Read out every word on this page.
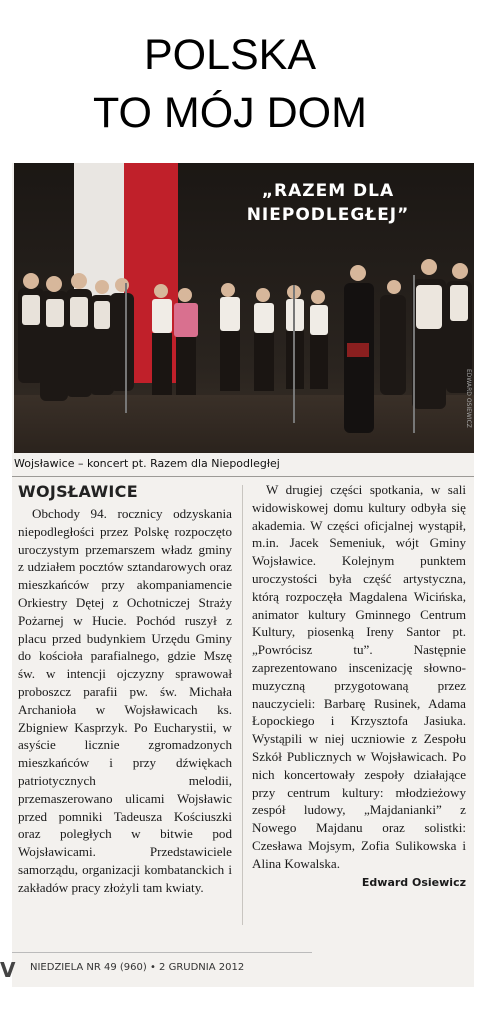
POLSKA
TO MÓJ DOM
„RAZEM DLA
NIEPODLEGŁEJ”
EDWARD OSIEWICZ
Wojsławice – koncert pt. Razem dla Niepodległej
WOJSŁAWICE

Obchody 94. rocznicy odzyskania niepodległości przez Polskę rozpoczęto uroczystym przemarszem władz gminy z udziałem pocztów sztandarowych oraz mieszkańców przy akompaniamencie Orkiestry Dętej z Ochotniczej Straży Pożarnej w Hucie. Pochód ruszył z placu przed budynkiem Urzędu Gminy do kościoła parafialnego, gdzie Mszę św. w intencji ojczyzny sprawował proboszcz parafii pw. św. Michała Archanioła w Wojsławicach ks. Zbigniew Kasprzyk. Po Eucharystii, w asyście licznie zgromadzonych mieszkańców i przy dźwiękach patriotycznych melodii, przemaszerowano ulicami Wojsławic przed pomniki Tadeusza Kościuszki oraz poległych w bitwie pod Wojsławicami. Przedstawiciele samorządu, organizacji kombatanckich i zakładów pracy złożyli tam kwiaty.

W drugiej części spotkania, w sali widowiskowej domu kultury odbyła się akademia. W części oficjalnej wystąpił, m.in. Jacek Semeniuk, wójt Gminy Wojsławice. Kolejnym punktem uroczystości była część artystyczna, którą rozpoczęła Magdalena Wicińska, animator kultury Gminnego Centrum Kultury, piosenką Ireny Santor pt. „Powrócisz tu”. Następnie zaprezentowano inscenizację słowno-muzyczną przygotowaną przez nauczycieli: Barbarę Rusinek, Adama Łopockiego i Krzysztofa Jasiuka. Wystąpili w niej uczniowie z Zespołu Szkół Publicznych w Wojsławicach. Po nich koncertowały zespoły działające przy centrum kultury: młodzieżowy zespół ludowy, „Majdanianki” z Nowego Majdanu oraz solistki: Czesława Mojsym, Zofia Sulikowska i Alina Kowalska.

Edward Osiewicz
NIEDZIELA NR 49 (960) • 2 GRUDNIA 2012
V
